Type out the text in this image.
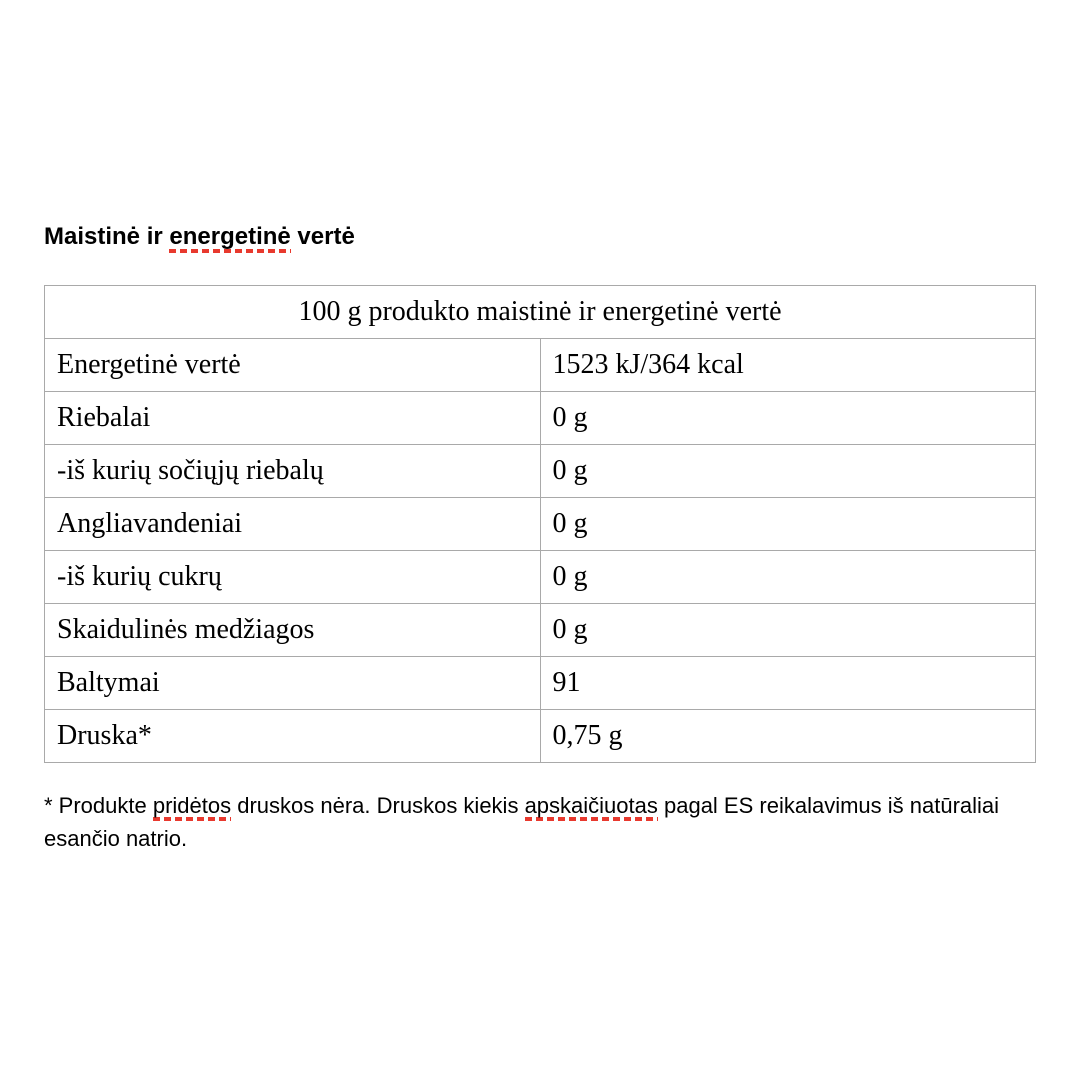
Maistinė ir energetinė vertė
100 g produkto maistinė ir energetinė vertė	
Energetinė vertė	1523 kJ/364 kcal
Riebalai	0 g
-iš kurių sočiųjų riebalų	0 g
Angliavandeniai	0 g
-iš kurių cukrų	0 g
Skaidulinės medžiagos	0 g
Baltymai	91
Druska*	0,75 g

* Produkte pridėtos druskos nėra. Druskos kiekis apskaičiuotas pagal ES reikalavimus iš natūraliai esančio natrio.
